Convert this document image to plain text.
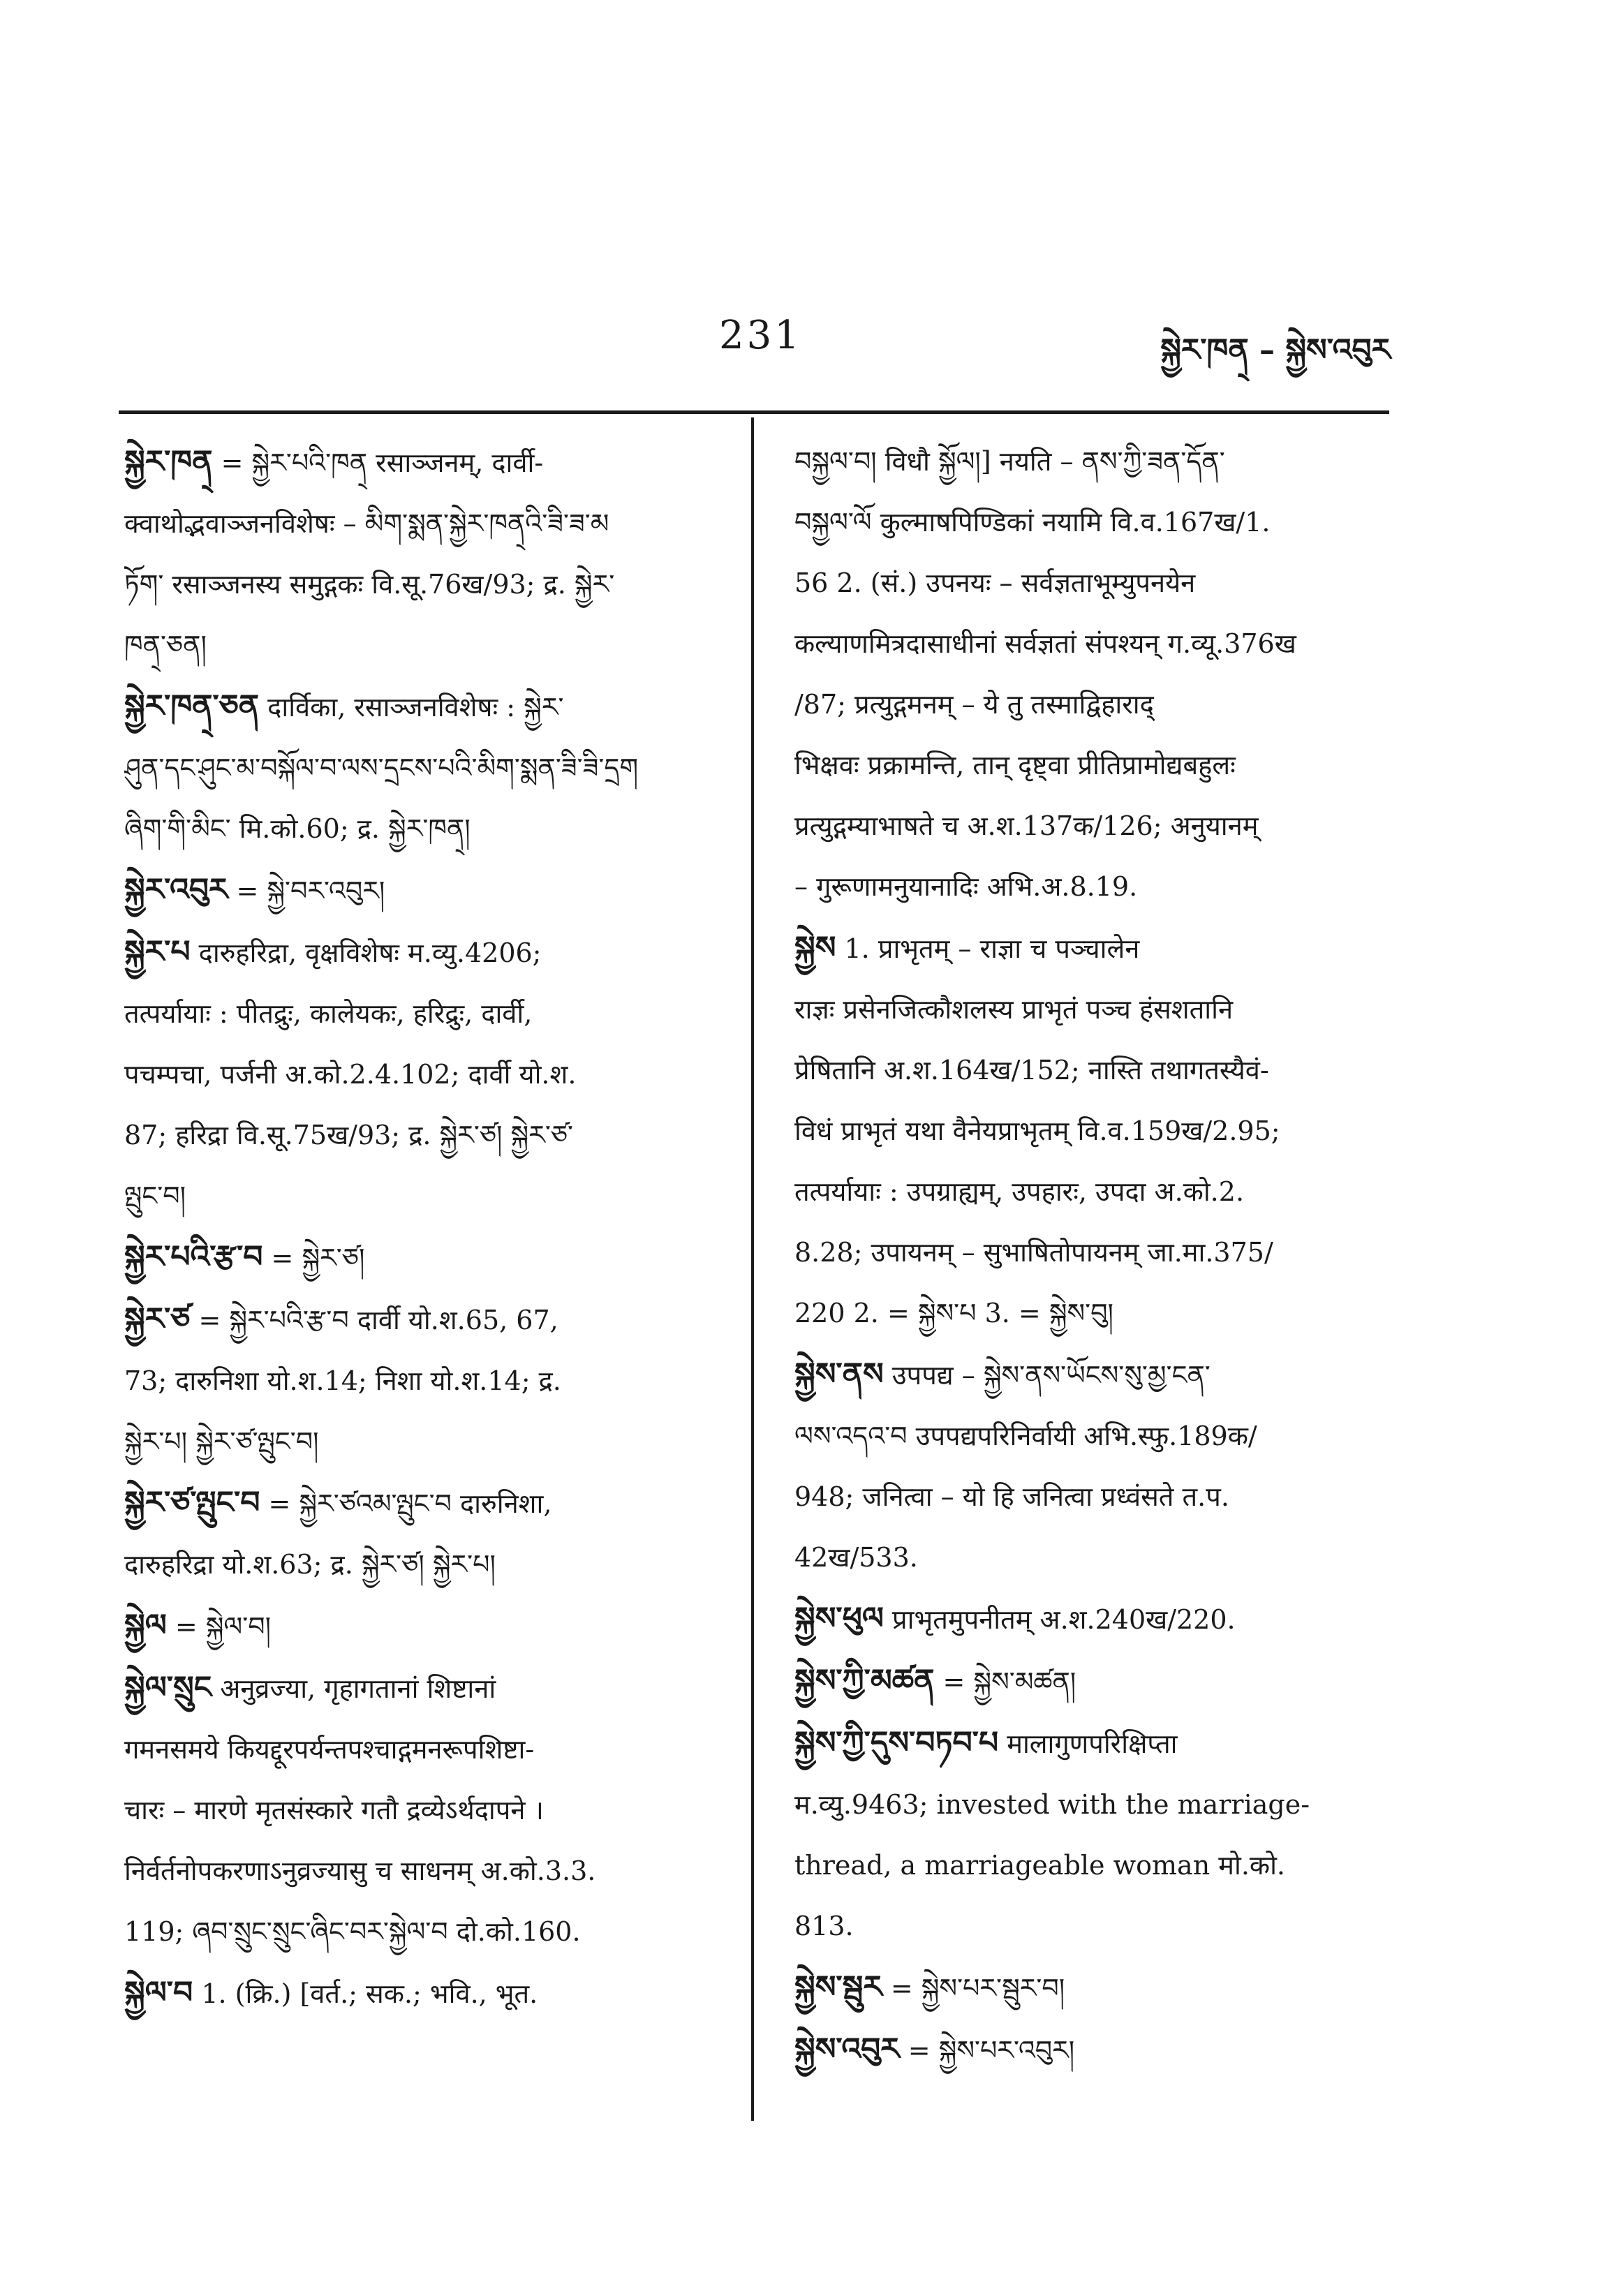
231	སྐྱེར་ཁན྄ – སྐྱེས་འབུར
སྐྱེར་ཁན྄ = སྐྱེར་པའི་ཁན྄ रसाञ्जनम्, दार्वी-
क्वाथोद्भवाञ्जनविशेषः – མིག་སྨན་སྐྱེར་ཁན྄འི་ཟི་ཟ་མ
ཏོག་ रसाञ्जनस्य समुद्गकः वि.सू.76ख/93; द्र. སྐྱེར་
ཁན྄་ཅན།
སྐྱེར་ཁན྄་ཅན दार्विका, रसाञ्जनविशेषः : སྐྱེར་
ཤུན་དང་ཤུང་མ་བསྐོལ་བ་ལས་དྲངས་པའི་མིག་སྨན་ཟི་ཟི་དྲག
ཞིག་གི་མིང་ मि.को.60; द्र. སྐྱེར་ཁན྄།
སྐྱེར་འབུར = སྐྱེ་བར་འབུར།
སྐྱེར་པ दारुहरिद्रा, वृक्षविशेषः म.व्यु.4206;
तत्पर्यायाः : पीतद्रुः, कालेयकः, हरिद्रुः, दार्वी,
पचम्पचा, पर्जनी अ.को.2.4.102; दार्वी यो.श.
87; हरिद्रा वि.सू.75ख/93; द्र. སྐྱེར་ཙ། སྐྱེར་ཙ་
ལྤུང་བ།
སྐྱེར་པའི་རྩ་བ = སྐྱེར་ཙ།
སྐྱེར་ཙ = སྐྱེར་པའི་རྩ་བ दार्वी यो.श.65, 67,
73; दारुनिशा यो.श.14; निशा यो.श.14; द्र.
སྐྱེར་པ། སྐྱེར་ཙ་ལྤུང་བ།
སྐྱེར་ཙ་ལྤུང་བ = སྐྱེར་ཙའམ་ལྤུང་བ दारुनिशा,
दारुहरिद्रा यो.श.63; द्र. སྐྱེར་ཙ། སྐྱེར་པ།
སྐྱེལ = སྐྱེལ་བ།
སྐྱེལ་སྲུང अनुव्रज्या, गृहागतानां शिष्टानां
गमनसमये कियद्दूरपर्यन्तपश्चाद्गमनरूपशिष्टा-
चारः – मारणे मृतसंस्कारे गतौ द्रव्येऽर्थदापने ।
निर्वर्तनोपकरणाऽनुव्रज्यासु च साधनम् अ.को.3.3.
119; ཞབ་སྲུང་སྲུང་ཞིང་བར་སྐྱེལ་བ दो.को.160.
སྐྱེལ་བ 1. (क्रि.) [वर्त.; सक.; भवि., भूत.
བསྐྱལ་བ། विधौ སྐྱོལ།] नयति – ནས་ཀྱི་ཟན་དོན་
བསྐྱལ་ལོ कुल्माषपिण्डिकां नयामि वि.व.167ख/1.
56 2. (सं.) उपनयः – सर्वज्ञताभूम्युपनयेन
कल्याणमित्रदासाधीनां सर्वज्ञतां संपश्यन् ग.व्यू.376ख
/87; प्रत्युद्गमनम् – ये तु तस्माद्विहाराद्
भिक्षवः प्रक्रामन्ति, तान् दृष्ट्वा प्रीतिप्रामोद्यबहुलः
प्रत्युद्गम्याभाषते च अ.श.137क/126; अनुयानम्
– गुरूणामनुयानादिः अभि.अ.8.19.
སྐྱེས 1. प्राभृतम् – राज्ञा च पञ्चालेन
राज्ञः प्रसेनजित्कौशलस्य प्राभृतं पञ्च हंसशतानि
प्रेषितानि अ.श.164ख/152; नास्ति तथागतस्यैवं-
विधं प्राभृतं यथा वैनेयप्राभृतम् वि.व.159ख/2.95;
तत्पर्यायाः : उपग्राह्यम्, उपहारः, उपदा अ.को.2.
8.28; उपायनम् – सुभाषितोपायनम् जा.मा.375/
220 2. = སྐྱེས་པ 3. = སྐྱེས་བུ།
སྐྱེས་ནས उपपद्य – སྐྱེས་ནས་ཡོངས་སུ་མྱ་ངན་
ལས་འདའ་བ उपपद्यपरिनिर्वायी अभि.स्फु.189क/
948; जनित्वा – यो हि जनित्वा प्रध्वंसते त.प.
42ख/533.
སྐྱེས་ཕུལ प्राभृतमुपनीतम् अ.श.240ख/220.
སྐྱེས་ཀྱི་མཚན = སྐྱེས་མཚན།
སྐྱེས་ཀྱི་དུས་བཏབ་པ मालागुणपरिक्षिप्ता
म.व्यु.9463; invested with the marriage-
thread, a marriageable woman मो.को.
813.
སྐྱེས་སྦུར = སྐྱེས་པར་སྦུར་བ།
སྐྱེས་འབུར = སྐྱེས་པར་འབུར།
